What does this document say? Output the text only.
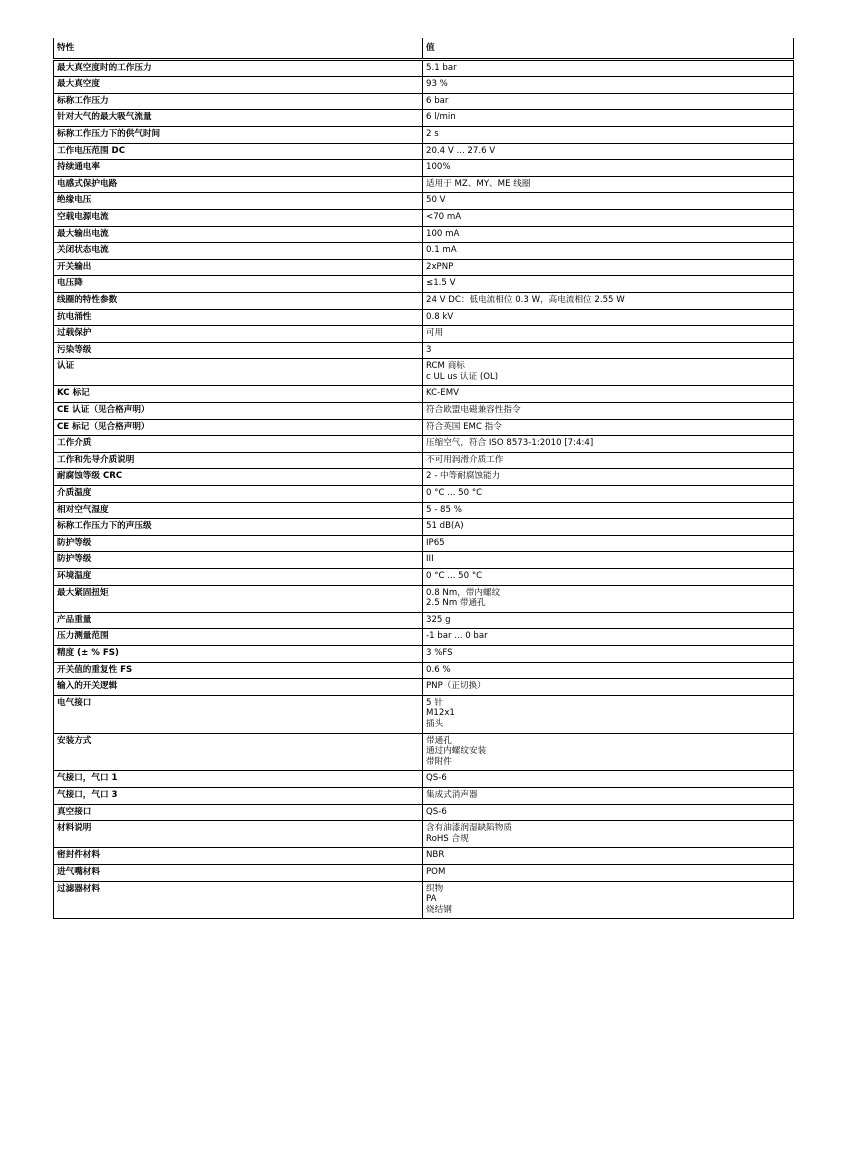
特性	值
最大真空度时的工作压力	5.1 bar
最大真空度	93 %
标称工作压力	6 bar
针对大气的最大吸气流量	6 l/min
标称工作压力下的供气时间	2 s
工作电压范围 DC	20.4 V ... 27.6 V
持续通电率	100%
电感式保护电路	适用于 MZ、MY、ME 线圈
绝缘电压	50 V
空载电源电流	<70 mA
最大输出电流	100 mA
关闭状态电流	0.1 mA
开关输出	2xPNP
电压降	≤1.5 V
线圈的特性参数	24 V DC：低电流相位 0.3 W，高电流相位 2.55 W
抗电涌性	0.8 kV
过载保护	可用
污染等级	3
认证	RCM 商标
c UL us 认证 (OL)
KC 标记	KC-EMV
CE 认证（见合格声明）	符合欧盟电磁兼容性指令
CE 标记（见合格声明）	符合英国 EMC 指令
工作介质	压缩空气，符合 ISO 8573-1:2010 [7:4:4]
工作和先导介质说明	不可用润滑介质工作
耐腐蚀等级 CRC	2 - 中等耐腐蚀能力
介质温度	0 °C ... 50 °C
相对空气湿度	5 - 85 %
标称工作压力下的声压级	51 dB(A)
防护等级	IP65
防护等级	III
环境温度	0 °C ... 50 °C
最大紧固扭矩	0.8 Nm，带内螺纹
2.5 Nm 带通孔
产品重量	325 g
压力测量范围	-1 bar ... 0 bar
精度 (± % FS)	3 %FS
开关值的重复性 FS	0.6 %
输入的开关逻辑	PNP（正切换）
电气接口	5 针
M12x1
插头
安装方式	带通孔
通过内螺纹安装
带附件
气接口，气口 1	QS-6
气接口，气口 3	集成式消声器
真空接口	QS-6
材料说明	含有油漆润湿缺陷物质
RoHS 合规
密封件材料	NBR
进气嘴材料	POM
过滤器材料	织物
PA
烧结钢
